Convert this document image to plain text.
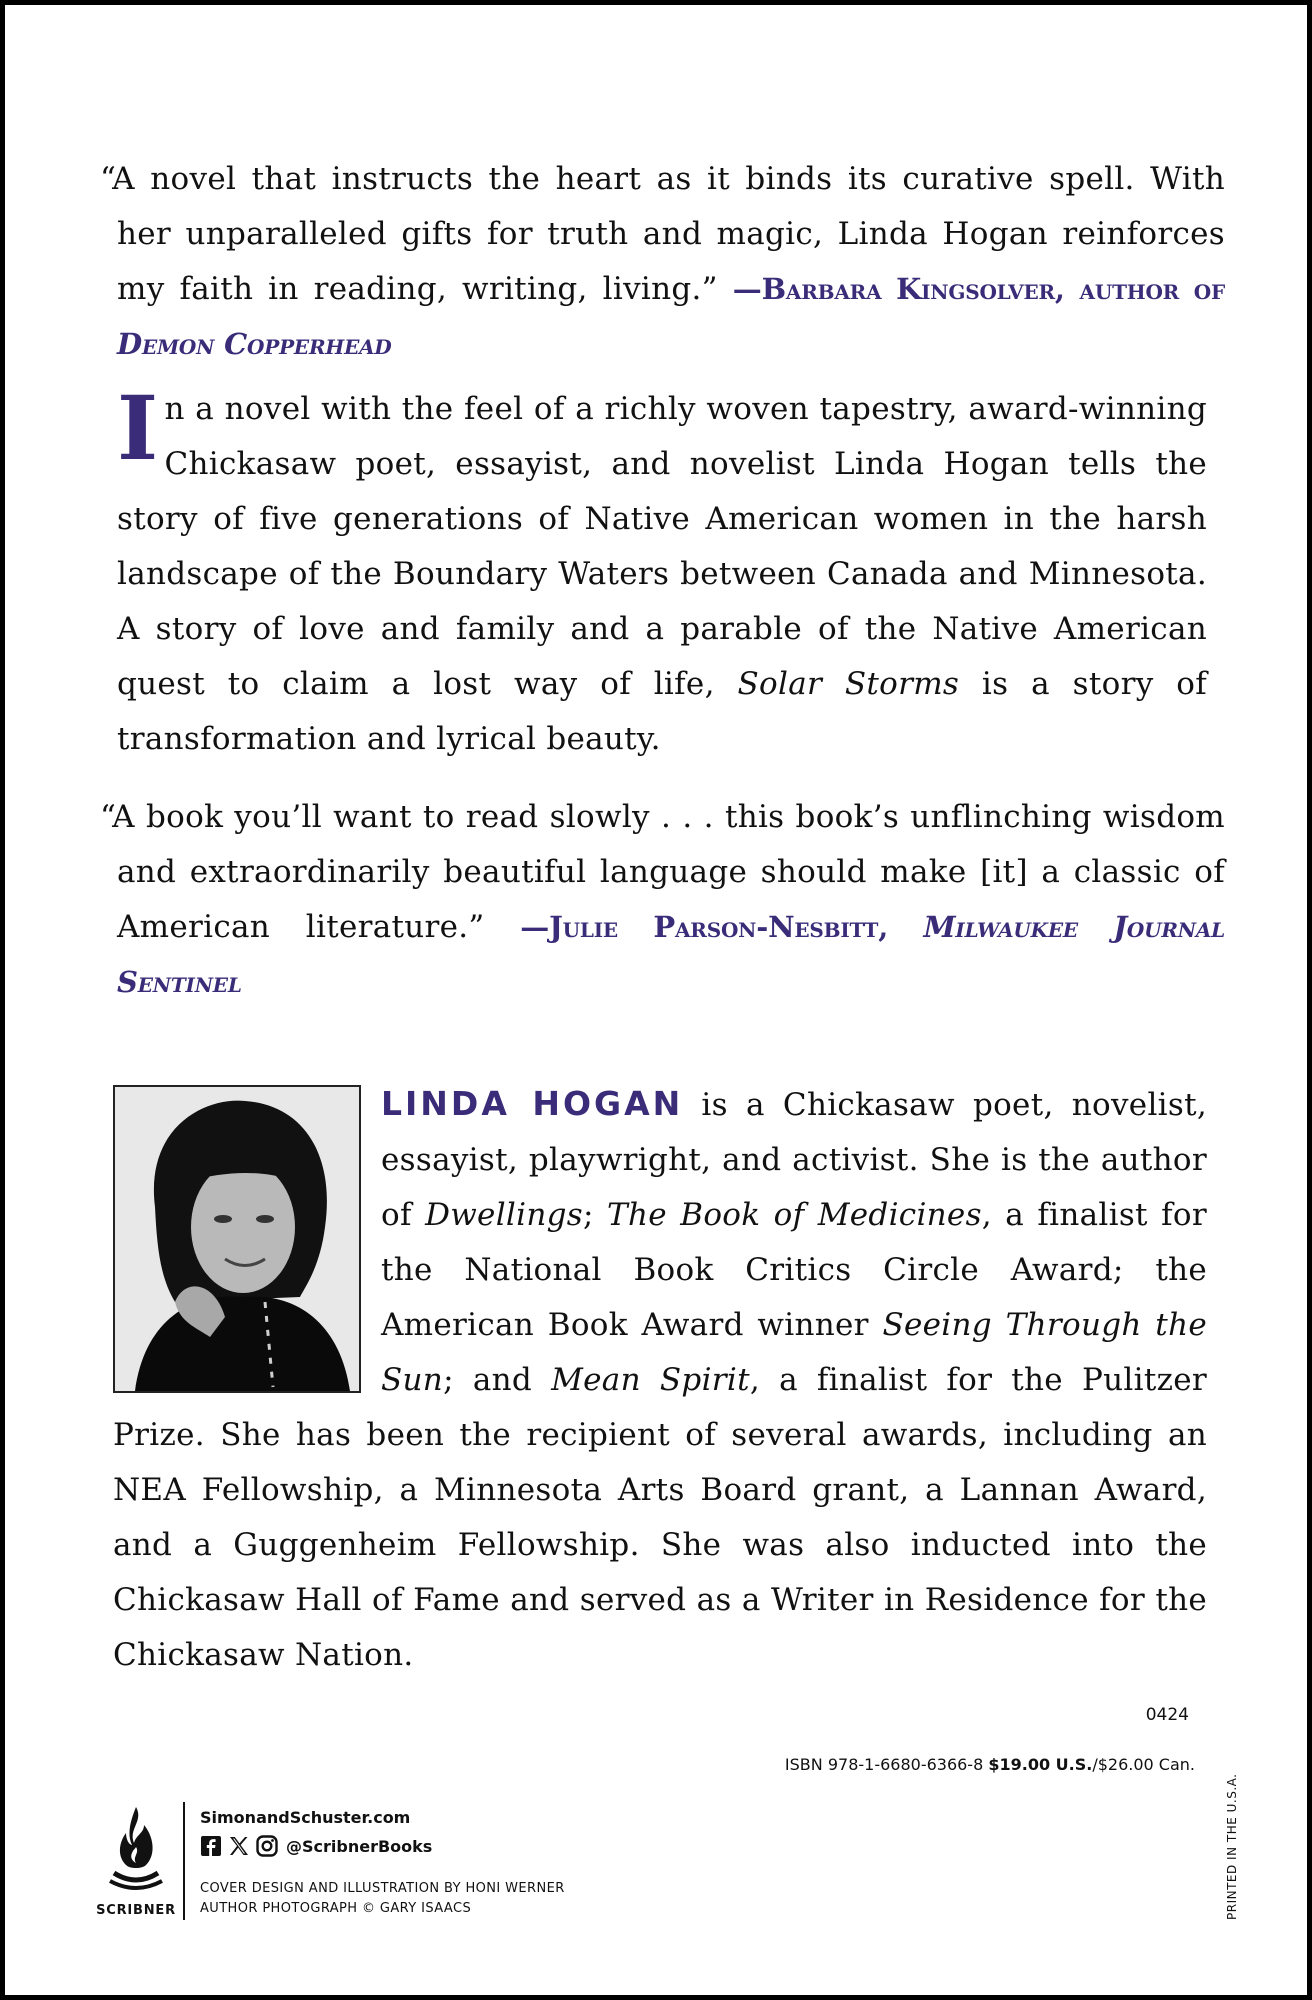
“A novel that instructs the heart as it binds its curative spell. With her unparalleled gifts for truth and magic, Linda Hogan reinforces my faith in reading, writing, living.” —Barbara Kingsolver, author of Demon Copperhead
In a novel with the feel of a richly woven tapestry, award-winning Chickasaw poet, essayist, and novelist Linda Hogan tells the story of five generations of Native American women in the harsh landscape of the Boundary Waters between Canada and Minnesota. A story of love and family and a parable of the Native American quest to claim a lost way of life, Solar Storms is a story of transformation and lyrical beauty.
“A book you’ll want to read slowly . . . this book’s unflinching wisdom and extraordinarily beautiful language should make [it] a classic of American literature.” —Julie Parson-Nesbitt, Milwaukee Journal Sentinel
LINDA HOGAN is a Chickasaw poet, novelist, essayist, playwright, and activist. She is the author of Dwellings; The Book of Medicines, a finalist for the National Book Critics Circle Award; the American Book Award winner Seeing Through the Sun; and Mean Spirit, a finalist for the Pulitzer Prize. She has been the recipient of several awards, including an NEA Fellowship, a Minnesota Arts Board grant, a Lannan Award, and a Guggenheim Fellowship. She was also inducted into the Chickasaw Hall of Fame and served as a Writer in Residence for the Chickasaw Nation.
0424
ISBN 978-1-6680-6366-8 $19.00 U.S./$26.00 Can.
PRINTED IN THE U.S.A.
SCRIBNER
SimonandSchuster.com
@ScribnerBooks
COVER DESIGN AND ILLUSTRATION BY HONI WERNER
AUTHOR PHOTOGRAPH © GARY ISAACS
